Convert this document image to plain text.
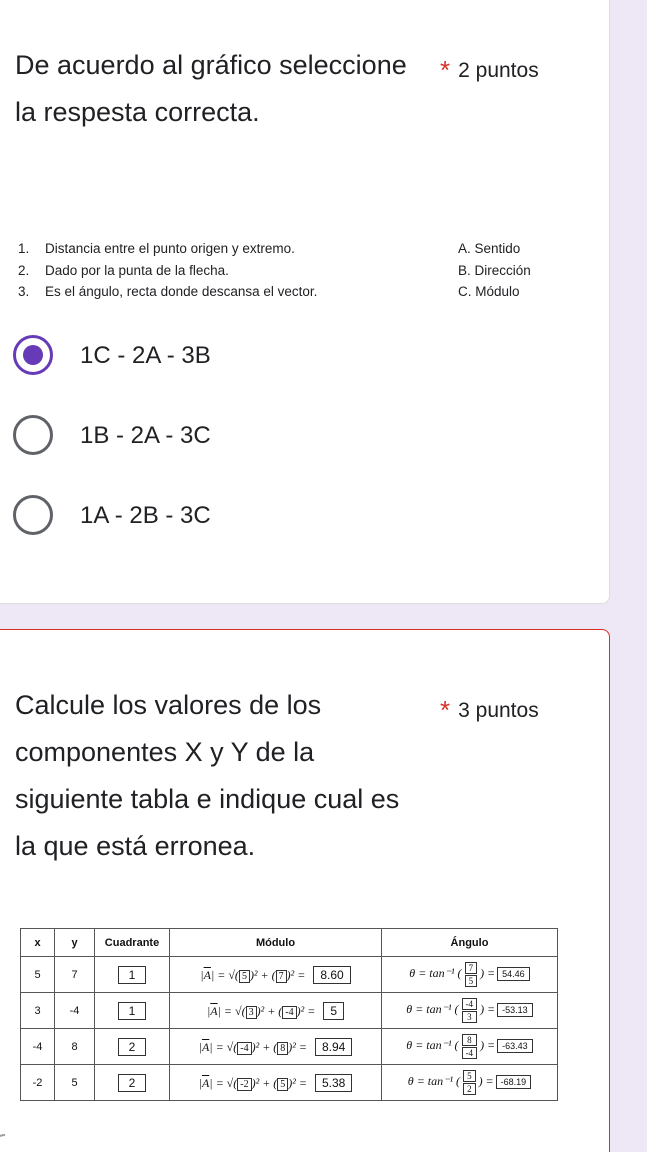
De acuerdo al gráfico seleccione la respesta correcta.
* 2 puntos
1. Distancia entre el punto origen y extremo.	A. Sentido
2. Dado por la punta de la flecha.	B. Dirección
3. Es el ángulo, recta donde descansa el vector.	C. Módulo
1C - 2A - 3B
1B - 2A - 3C
1A - 2B - 3C
Calcule los valores de los componentes X y Y de la siguiente tabla e indique cual es la que está erronea.
* 3 puntos
x	y	Cuadrante	Módulo	Ángulo
5	7	1	$|\overline{A}|$ = √( 5 )² + ( 7 )² = 8.60	θ = tan⁻¹ ( $\frac{7}{5}$ ) = 54.46
3	-4	1	$|\overline{A}|$ = √( 3 )² + ( -4 )² = 5	θ = tan⁻¹ ( $\frac{-4}{3}$ ) = -53.13
-4	8	2	$|\overline{A}|$ = √( -4 )² + ( 8 )² = 8.94	θ = tan⁻¹ ( $\frac{8}{-4}$ ) = -63.43
-2	5	2	$|\overline{A}|$ = √( -2 )² + ( 5 )² = 5.38	θ = tan⁻¹ ( $\frac{5}{2}$ ) = -68.19
